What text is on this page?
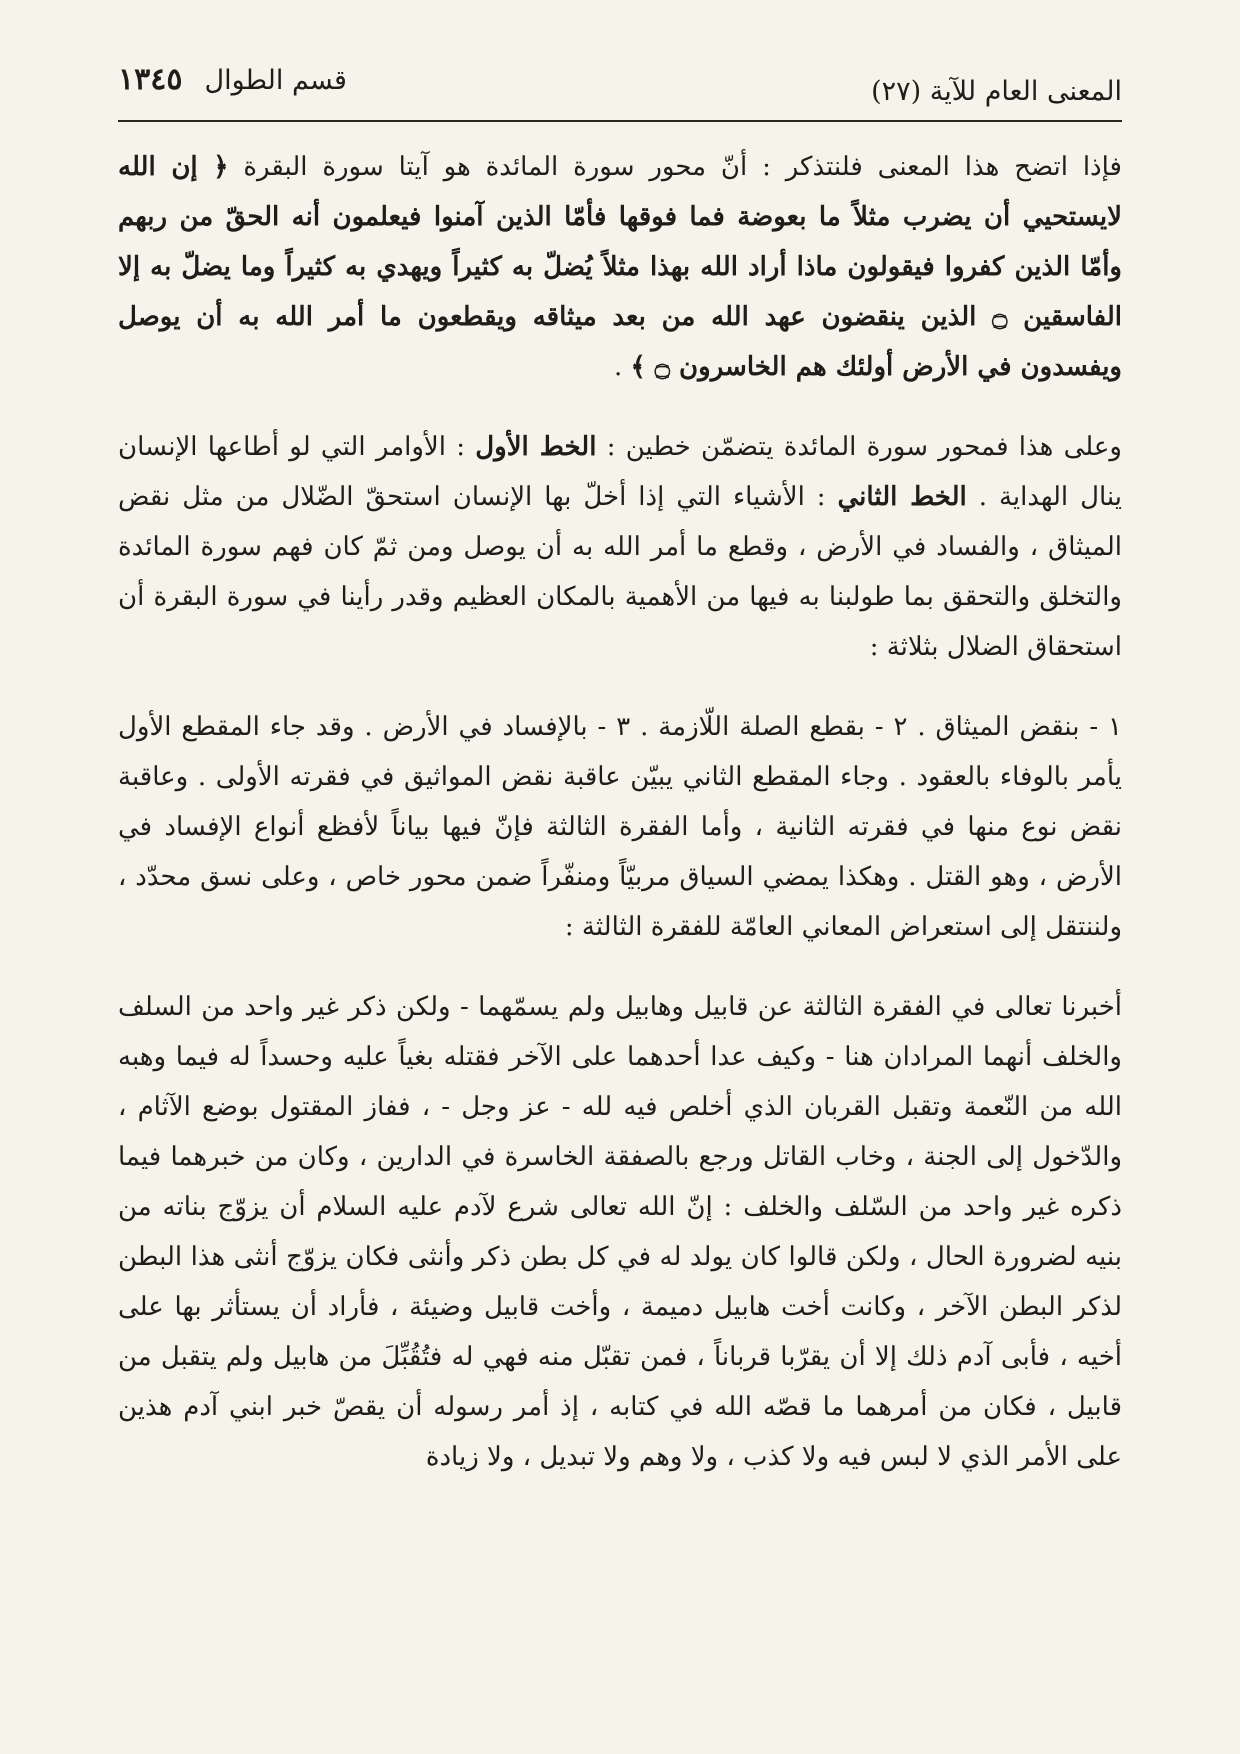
المعنى العام للآية (٢٧)
قسم الطوال
١٣٤٥

فإذا اتضح هذا المعنى فلنتذكر : أنّ محور سورة المائدة هو آيتا سورة البقرة ﴿ إن الله لايستحيي أن يضرب مثلاً ما بعوضة فما فوقها فأمّا الذين آمنوا فيعلمون أنه الحقّ من ربهم وأمّا الذين كفروا فيقولون ماذا أراد الله بهذا مثلاً يُضلّ به كثيراً ويهدي به كثيراً وما يضلّ به إلا الفاسقين ۝ الذين ينقضون عهد الله من بعد ميثاقه ويقطعون ما أمر الله به أن يوصل ويفسدون في الأرض أولئك هم الخاسرون ۝ ﴾ .

وعلى هذا فمحور سورة المائدة يتضمّن خطين : الخط الأول : الأوامر التي لو أطاعها الإنسان ينال الهداية . الخط الثاني : الأشياء التي إذا أخلّ بها الإنسان استحقّ الضّلال من مثل نقض الميثاق ، والفساد في الأرض ، وقطع ما أمر الله به أن يوصل ومن ثمّ كان فهم سورة المائدة والتخلق والتحقق بما طولبنا به فيها من الأهمية بالمكان العظيم وقدر رأينا في سورة البقرة أن استحقاق الضلال بثلاثة :

١ - بنقض الميثاق . ٢ - بقطع الصلة اللّازمة . ٣ - بالإفساد في الأرض . وقد جاء المقطع الأول يأمر بالوفاء بالعقود . وجاء المقطع الثاني يبيّن عاقبة نقض المواثيق في فقرته الأولى . وعاقبة نقض نوع منها في فقرته الثانية ، وأما الفقرة الثالثة فإنّ فيها بياناً لأفظع أنواع الإفساد في الأرض ، وهو القتل . وهكذا يمضي السياق مربيّاً ومنفّراً ضمن محور خاص ، وعلى نسق محدّد ، ولننتقل إلى استعراض المعاني العامّة للفقرة الثالثة :

أخبرنا تعالى في الفقرة الثالثة عن قابيل وهابيل ولم يسمّهما - ولكن ذكر غير واحد من السلف والخلف أنهما المرادان هنا - وكيف عدا أحدهما على الآخر فقتله بغياً عليه وحسداً له فيما وهبه الله من النّعمة وتقبل القربان الذي أخلص فيه لله - عز وجل - ، ففاز المقتول بوضع الآثام ، والدّخول إلى الجنة ، وخاب القاتل ورجع بالصفقة الخاسرة في الدارين ، وكان من خبرهما فيما ذكره غير واحد من السّلف والخلف : إنّ الله تعالى شرع لآدم عليه السلام أن يزوّج بناته من بنيه لضرورة الحال ، ولكن قالوا كان يولد له في كل بطن ذكر وأنثى فكان يزوّج أنثى هذا البطن لذكر البطن الآخر ، وكانت أخت هابيل دميمة ، وأخت قابيل وضيئة ، فأراد أن يستأثر بها على أخيه ، فأبى آدم ذلك إلا أن يقرّبا قرباناً ، فمن تقبّل منه فهي له فتُقُبِّلَ من هابيل ولم يتقبل من قابيل ، فكان من أمرهما ما قصّه الله في كتابه ، إذ أمر رسوله أن يقصّ خبر ابني آدم هذين على الأمر الذي لا لبس فيه ولا كذب ، ولا وهم ولا تبديل ، ولا زيادة
